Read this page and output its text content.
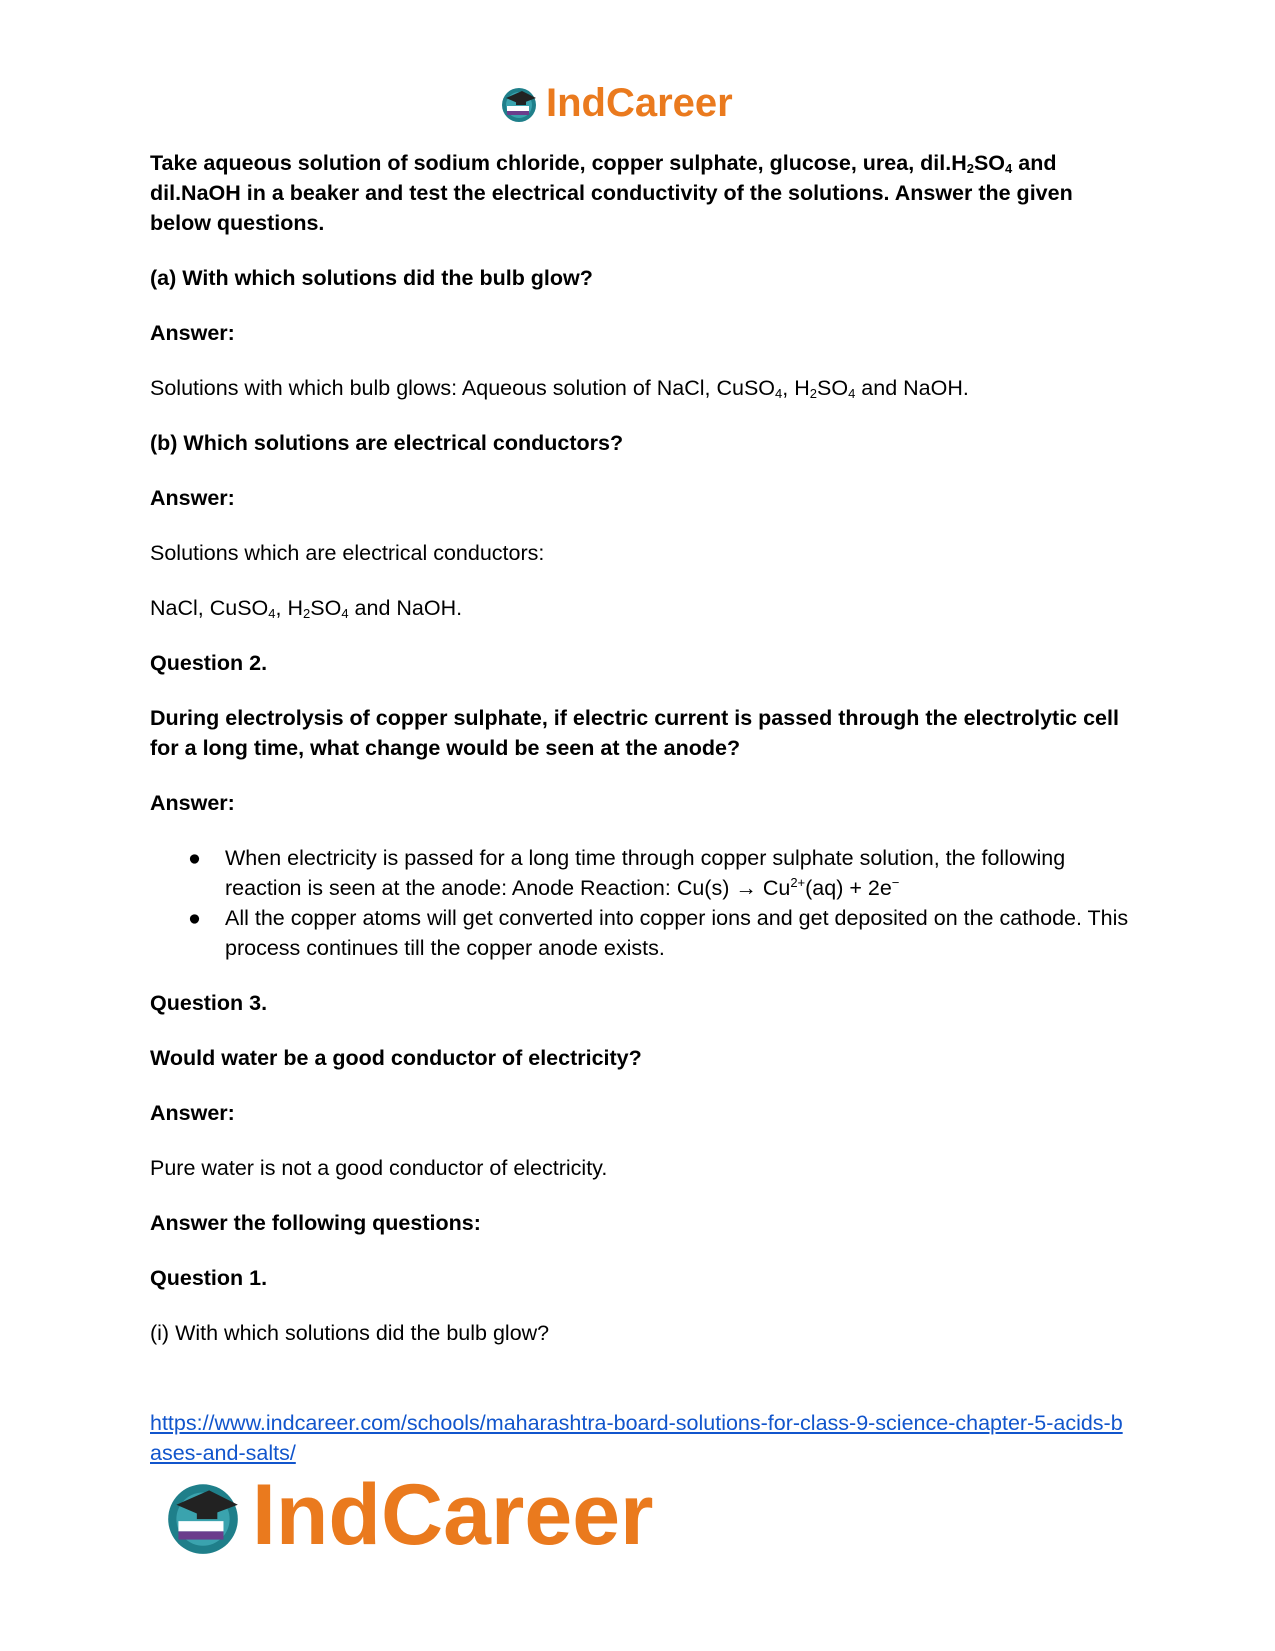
IndCareer

Take aqueous solution of sodium chloride, copper sulphate, glucose, urea, $dil.H_2SO_4$ and dil.NaOH in a beaker and test the electrical conductivity of the solutions. Answer the given below questions.

(a) With which solutions did the bulb glow?

Answer:

Solutions with which bulb glows: Aqueous solution of NaCl, CuSO$_4$, $H_2SO_4$ and NaOH.

(b) Which solutions are electrical conductors?

Answer:

Solutions which are electrical conductors:

NaCl, CuSO$_4$, $H_2SO_4$ and NaOH.

Question 2.

During electrolysis of copper sulphate, if electric current is passed through the electrolytic cell for a long time, what change would be seen at the anode?

Answer:

● When electricity is passed for a long time through copper sulphate solution, the following reaction is seen at the anode: Anode Reaction: $Cu(s) \to Cu^{2+}(aq) + 2e^-$
● All the copper atoms will get converted into copper ions and get deposited on the cathode. This process continues till the copper anode exists.

Question 3.

Would water be a good conductor of electricity?

Answer:

Pure water is not a good conductor of electricity.

Answer the following questions:

Question 1.

(i) With which solutions did the bulb glow?

https://www.indcareer.com/schools/maharashtra-board-solutions-for-class-9-science-chapter-5-acids-bases-and-salts/
IndCareer
